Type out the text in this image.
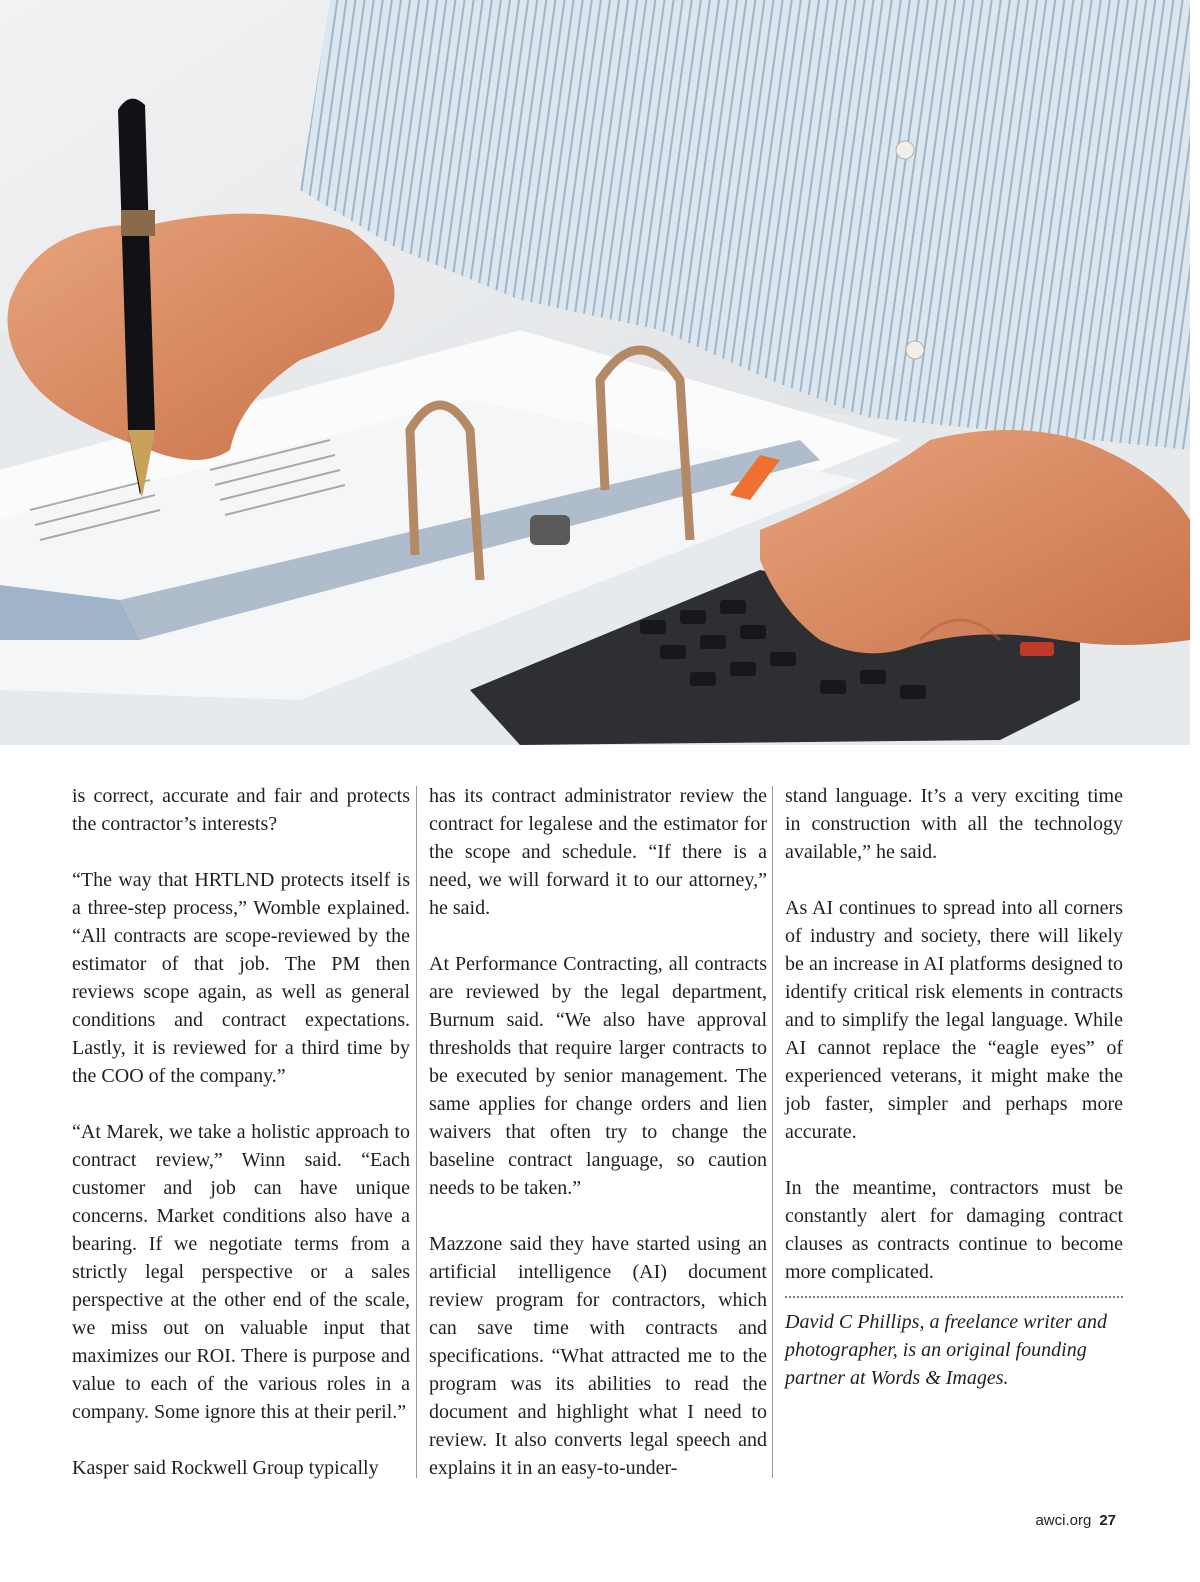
is correct, accurate and fair and protects the contractor’s interests?

“The way that HRTLND protects itself is a three-step process,” Womble explained. “All contracts are scope-reviewed by the estimator of that job. The PM then reviews scope again, as well as general conditions and contract expectations. Lastly, it is reviewed for a third time by the COO of the company.”

“At Marek, we take a holistic approach to contract review,” Winn said. “Each customer and job can have unique concerns. Market conditions also have a bearing. If we negotiate terms from a strictly legal perspective or a sales perspective at the other end of the scale, we miss out on valuable input that maximizes our ROI. There is purpose and value to each of the various roles in a company. Some ignore this at their peril.”

Kasper said Rockwell Group typically

has its contract administrator review the contract for legalese and the estimator for the scope and schedule. “If there is a need, we will forward it to our attorney,” he said.

At Performance Contracting, all contracts are reviewed by the legal department, Burnum said. “We also have approval thresholds that require larger contracts to be executed by senior management. The same applies for change orders and lien waivers that often try to change the baseline contract language, so caution needs to be taken.”

Mazzone said they have started using an artificial intelligence (AI) document review program for contractors, which can save time with contracts and specifications. “What attracted me to the program was its abilities to read the document and highlight what I need to review. It also converts legal speech and explains it in an easy-to-under-

stand language. It’s a very exciting time in construction with all the technology available,” he said.

As AI continues to spread into all corners of industry and society, there will likely be an increase in AI platforms designed to identify critical risk elements in contracts and to simplify the legal language. While AI cannot replace the “eagle eyes” of experienced veterans, it might make the job faster, simpler and perhaps more accurate.

In the meantime, contractors must be constantly alert for damaging contract clauses as contracts continue to become more complicated.

David C Phillips, a freelance writer and photographer, is an original founding partner at Words & Images.

awci.org 27
